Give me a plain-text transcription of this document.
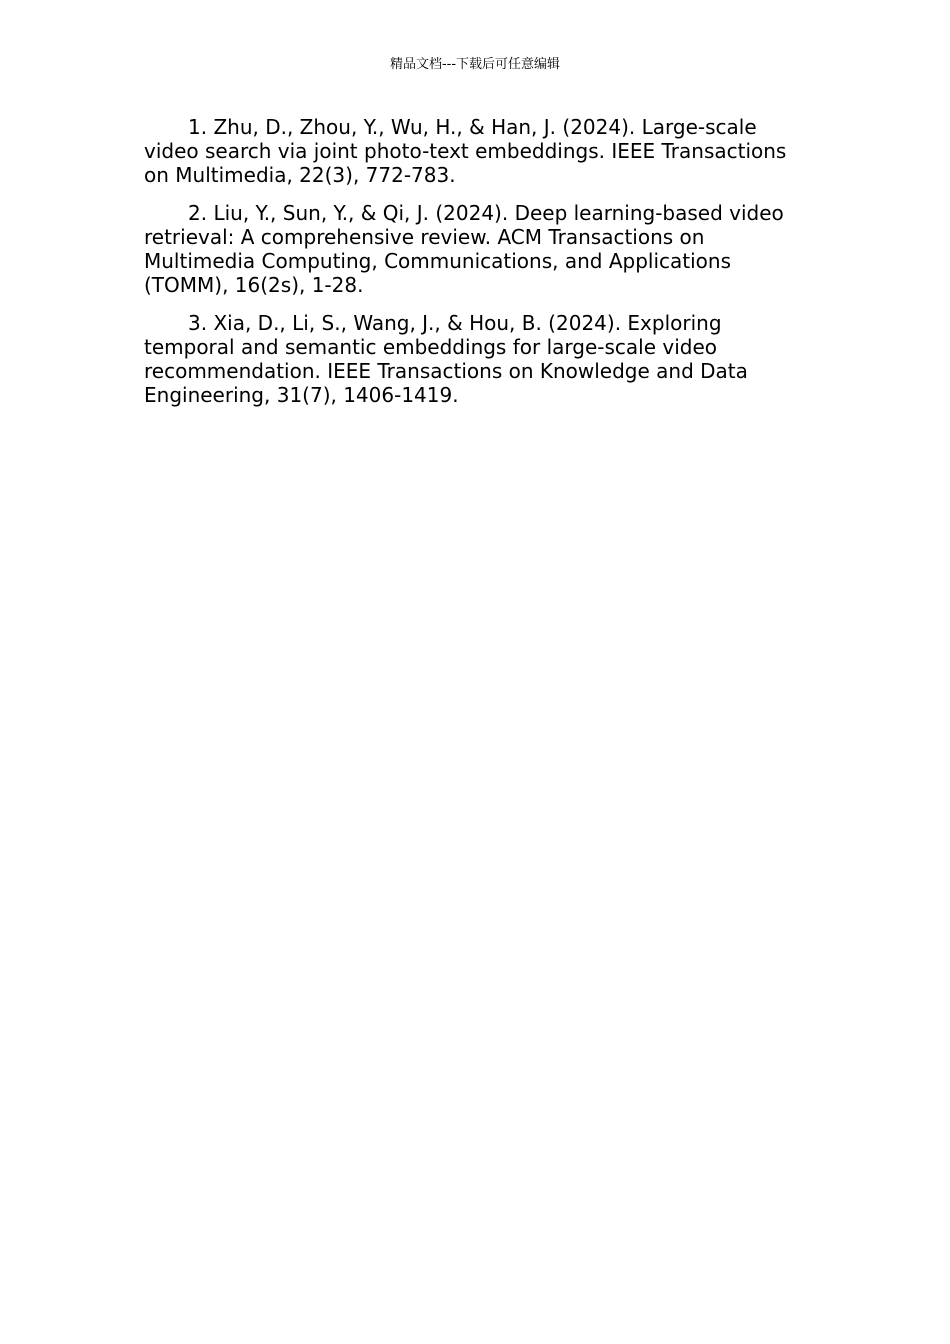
精品文档---下载后可任意编辑

1. Zhu, D., Zhou, Y., Wu, H., & Han, J. (2024). Large-scale video search via joint photo-text embeddings. IEEE Transactions on Multimedia, 22(3), 772-783.

2. Liu, Y., Sun, Y., & Qi, J. (2024). Deep learning-based video retrieval: A comprehensive review. ACM Transactions on Multimedia Computing, Communications, and Applications (TOMM), 16(2s), 1-28.

3. Xia, D., Li, S., Wang, J., & Hou, B. (2024). Exploring temporal and semantic embeddings for large-scale video recommendation. IEEE Transactions on Knowledge and Data Engineering, 31(7), 1406-1419.
